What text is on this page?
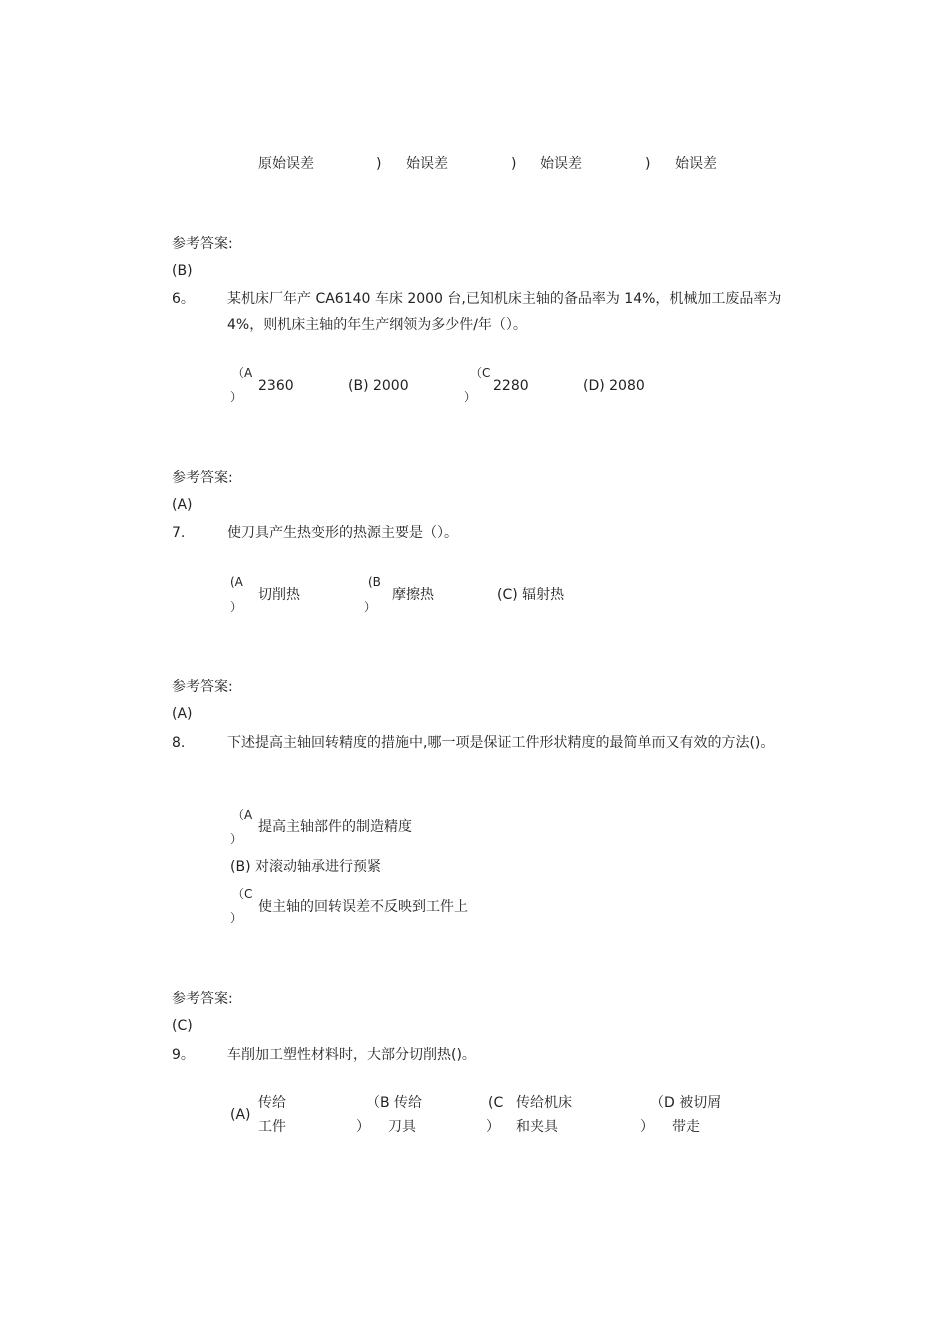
原始误差	) 始误差	) 始误差	) 始误差
参考答案:
(B)
6。 某机床厂年产 CA6140 车床 2000 台,已知机床主轴的备品率为 14%，机械加工废品率为 4%，则机床主轴的年生产纲领为多少件/年（）。
（A
）
2360	(B) 2000
（C
）
2280	(D) 2080
参考答案:
(A)
7.	使刀具产生热变形的热源主要是（）。
(A
）
切削热
(B
）
摩擦热	(C) 辐射热
参考答案:
(A)
8.	下述提高主轴回转精度的措施中,哪一项是保证工件形状精度的最简单而又有效的方法()。
（A
）
提高主轴部件的制造精度
(B) 对滚动轴承进行预紧
（C
）
使主轴的回转误差不反映到工件上
参考答案:
(C)
9。 车削加工塑性材料时，大部分切削热()。
(A)
传给
工件
（B 传给
） 刀具
(C
）
传给机床
和夹具
（D 被切屑
） 带走
